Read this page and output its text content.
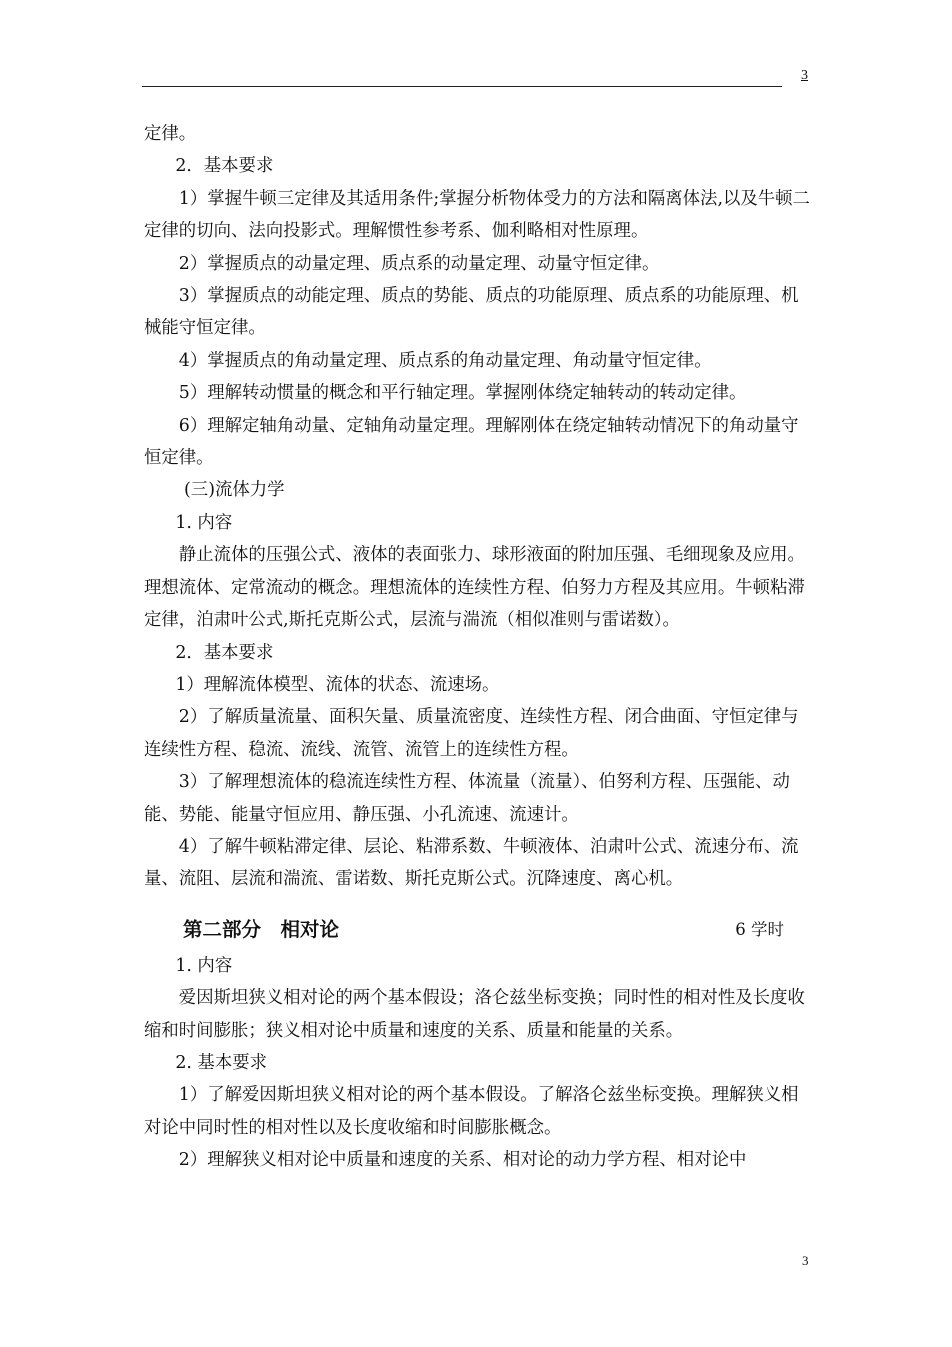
3

定律。

2．基本要求

1）掌握牛顿三定律及其适用条件;掌握分析物体受力的方法和隔离体法,以及牛顿二定律的切向、法向投影式。理解惯性参考系、伽利略相对性原理。

2）掌握质点的动量定理、质点系的动量定理、动量守恒定律。

3）掌握质点的动能定理、质点的势能、质点的功能原理、质点系的功能原理、机械能守恒定律。

4）掌握质点的角动量定理、质点系的角动量定理、角动量守恒定律。

5）理解转动惯量的概念和平行轴定理。掌握刚体绕定轴转动的转动定律。

6）理解定轴角动量、定轴角动量定理。理解刚体在绕定轴转动情况下的角动量守恒定律。

(三)流体力学

1. 内容

静止流体的压强公式、液体的表面张力、球形液面的附加压强、毛细现象及应用。理想流体、定常流动的概念。理想流体的连续性方程、伯努力方程及其应用。牛顿粘滞定律，泊肃叶公式,斯托克斯公式，层流与湍流（相似准则与雷诺数）。

2．基本要求

1）理解流体模型、流体的状态、流速场。

2）了解质量流量、面积矢量、质量流密度、连续性方程、闭合曲面、守恒定律与连续性方程、稳流、流线、流管、流管上的连续性方程。

3）了解理想流体的稳流连续性方程、体流量（流量）、伯努利方程、压强能、动能、势能、能量守恒应用、静压强、小孔流速、流速计。

4）了解牛顿粘滞定律、层论、粘滞系数、牛顿液体、泊肃叶公式、流速分布、流量、流阻、层流和湍流、雷诺数、斯托克斯公式。沉降速度、离心机。

第二部分　相对论	6 学时

1. 内容

爱因斯坦狭义相对论的两个基本假设；洛仑兹坐标变换；同时性的相对性及长度收缩和时间膨胀；狭义相对论中质量和速度的关系、质量和能量的关系。

2. 基本要求

1）了解爱因斯坦狭义相对论的两个基本假设。了解洛仑兹坐标变换。理解狭义相对论中同时性的相对性以及长度收缩和时间膨胀概念。

2）理解狭义相对论中质量和速度的关系、相对论的动力学方程、相对论中

3
